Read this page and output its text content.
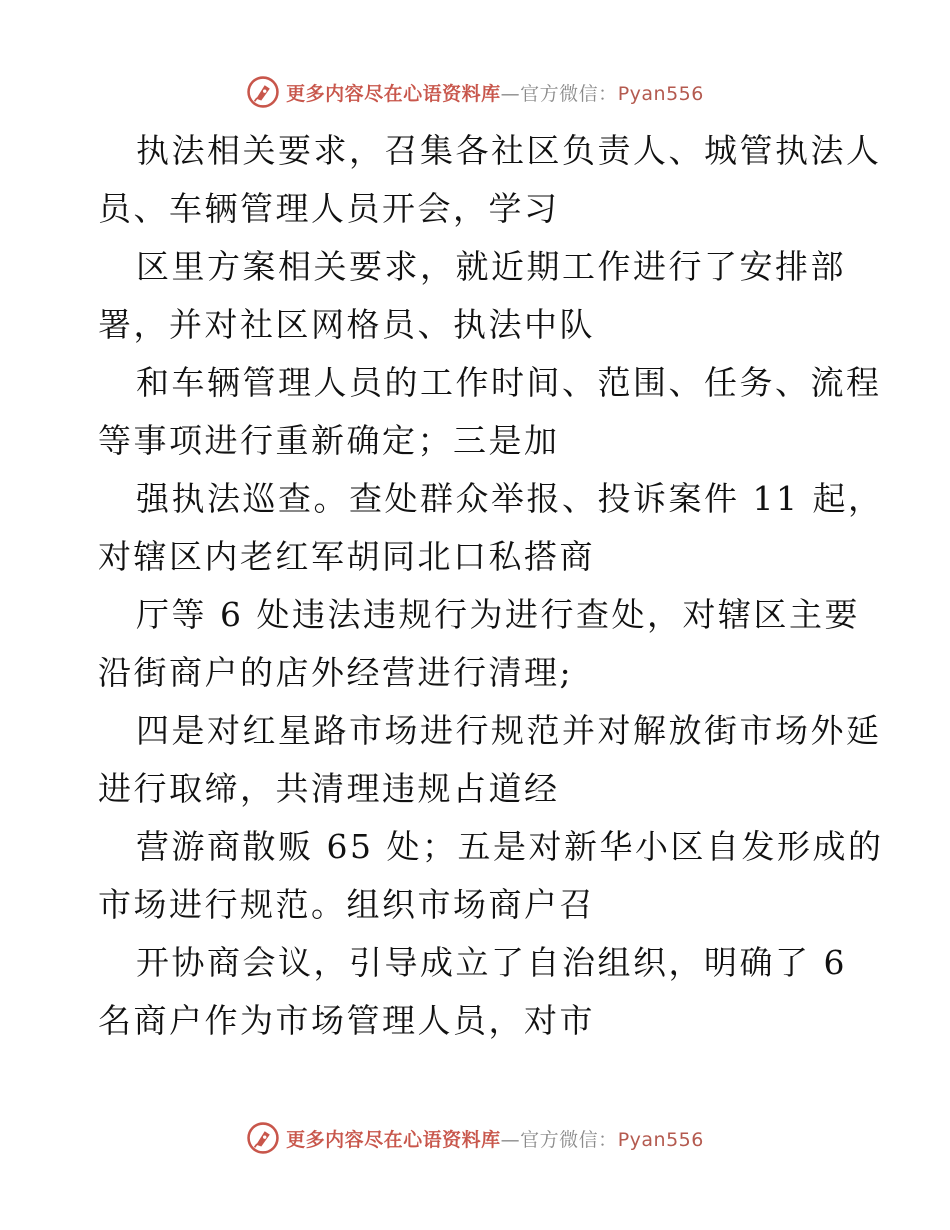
更多内容尽在心语资料库—官方微信：Pyan556

执法相关要求，召集各社区负责人、城管执法人
员、车辆管理人员开会，学习

区里方案相关要求，就近期工作进行了安排部
署，并对社区网格员、执法中队

和车辆管理人员的工作时间、范围、任务、流程
等事项进行重新确定；三是加

强执法巡查。查处群众举报、投诉案件 11 起，
对辖区内老红军胡同北口私搭商

厅等 6 处违法违规行为进行查处，对辖区主要
沿街商户的店外经营进行清理;

四是对红星路市场进行规范并对解放街市场外延
进行取缔，共清理违规占道经

营游商散贩 65 处；五是对新华小区自发形成的
市场进行规范。组织市场商户召

开协商会议，引导成立了自治组织，明确了 6
名商户作为市场管理人员，对市

更多内容尽在心语资料库—官方微信：Pyan556
